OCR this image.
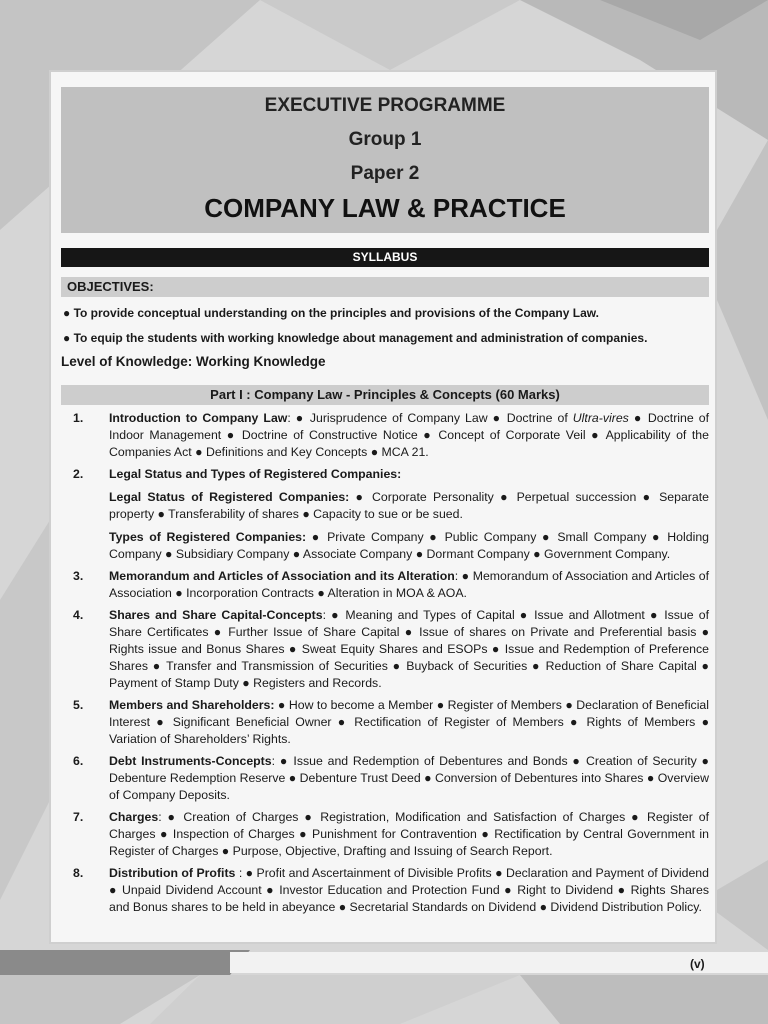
(v)
EXECUTIVE PROGRAMME
Group 1
Paper 2
COMPANY LAW & PRACTICE
SYLLABUS
OBJECTIVES:
● To provide conceptual understanding on the principles and provisions of the Company Law.
● To equip the students with working knowledge about management and administration of companies.
Level of Knowledge: Working Knowledge
Part I : Company Law - Principles & Concepts (60 Marks)
1.	Introduction to Company Law: ● Jurisprudence of Company Law ● Doctrine of Ultra-vires ● Doctrine of Indoor Management ● Doctrine of Constructive Notice ● Concept of Corporate Veil ● Applicability of the Companies Act ● Definitions and Key Concepts ● MCA 21.
2.	Legal Status and Types of Registered Companies:
Legal Status of Registered Companies: ● Corporate Personality ● Perpetual succession ● Separate property ● Transferability of shares ● Capacity to sue or be sued.
Types of Registered Companies: ● Private Company ● Public Company ● Small Company ● Holding Company ● Subsidiary Company ● Associate Company ● Dormant Company ● Government Company.
3.	Memorandum and Articles of Association and its Alteration: ● Memorandum of Association and Articles of Association ● Incorporation Contracts ● Alteration in MOA & AOA.
4.	Shares and Share Capital-Concepts: ● Meaning and Types of Capital ● Issue and Allotment ● Issue of Share Certificates ● Further Issue of Share Capital ● Issue of shares on Private and Preferential basis ● Rights issue and Bonus Shares ● Sweat Equity Shares and ESOPs ● Issue and Redemption of Preference Shares ● Transfer and Transmission of Securities ● Buyback of Securities ● Reduction of Share Capital ● Payment of Stamp Duty ● Registers and Records.
5.	Members and Shareholders: ● How to become a Member ● Register of Members ● Declaration of Beneficial Interest ● Significant Beneficial Owner ● Rectification of Register of Members ● Rights of Members ● Variation of Shareholders’ Rights.
6.	Debt Instruments-Concepts: ● Issue and Redemption of Debentures and Bonds ● Creation of Security ● Debenture Redemption Reserve ● Debenture Trust Deed ● Conversion of Debentures into Shares ● Overview of Company Deposits.
7.	Charges: ● Creation of Charges ● Registration, Modification and Satisfaction of Charges ● Register of Charges ● Inspection of Charges ● Punishment for Contravention ● Rectification by Central Government in Register of Charges ● Purpose, Objective, Drafting and Issuing of Search Report.
8.	Distribution of Profits : ● Profit and Ascertainment of Divisible Profits ● Declaration and Payment of Dividend ● Unpaid Dividend Account ● Investor Education and Protection Fund ● Right to Dividend ● Rights Shares and Bonus shares to be held in abeyance ● Secretarial Standards on Dividend ● Dividend Distribution Policy.
